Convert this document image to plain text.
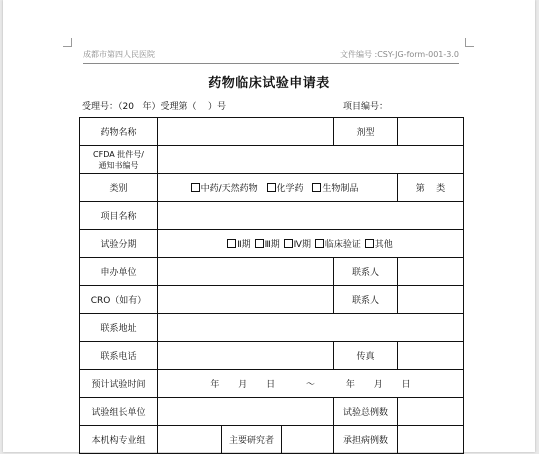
成都市第四人民医院	文件编号 :CSY-JG-form-001-3.0
药物临床试验申请表
受理号：（20   年）受理第（    ）号	项目编号：
药物名称				剂型	

CFDA 批件号/
通知书编号					

类别	中药/天然药物 化学药 生物制品				第    类
项目名称					
试验分期	Ⅱ期 Ⅲ期 Ⅳ期 临床验证 其他				
申办单位				联系人	
CRO（如有）				联系人	
联系地址					
联系电话				传真	
预计试验时间	年 月 日 ～ 年 月 日				
试验组长单位				试验总例数	
本机构专业组		主要研究者		承担病例数	
